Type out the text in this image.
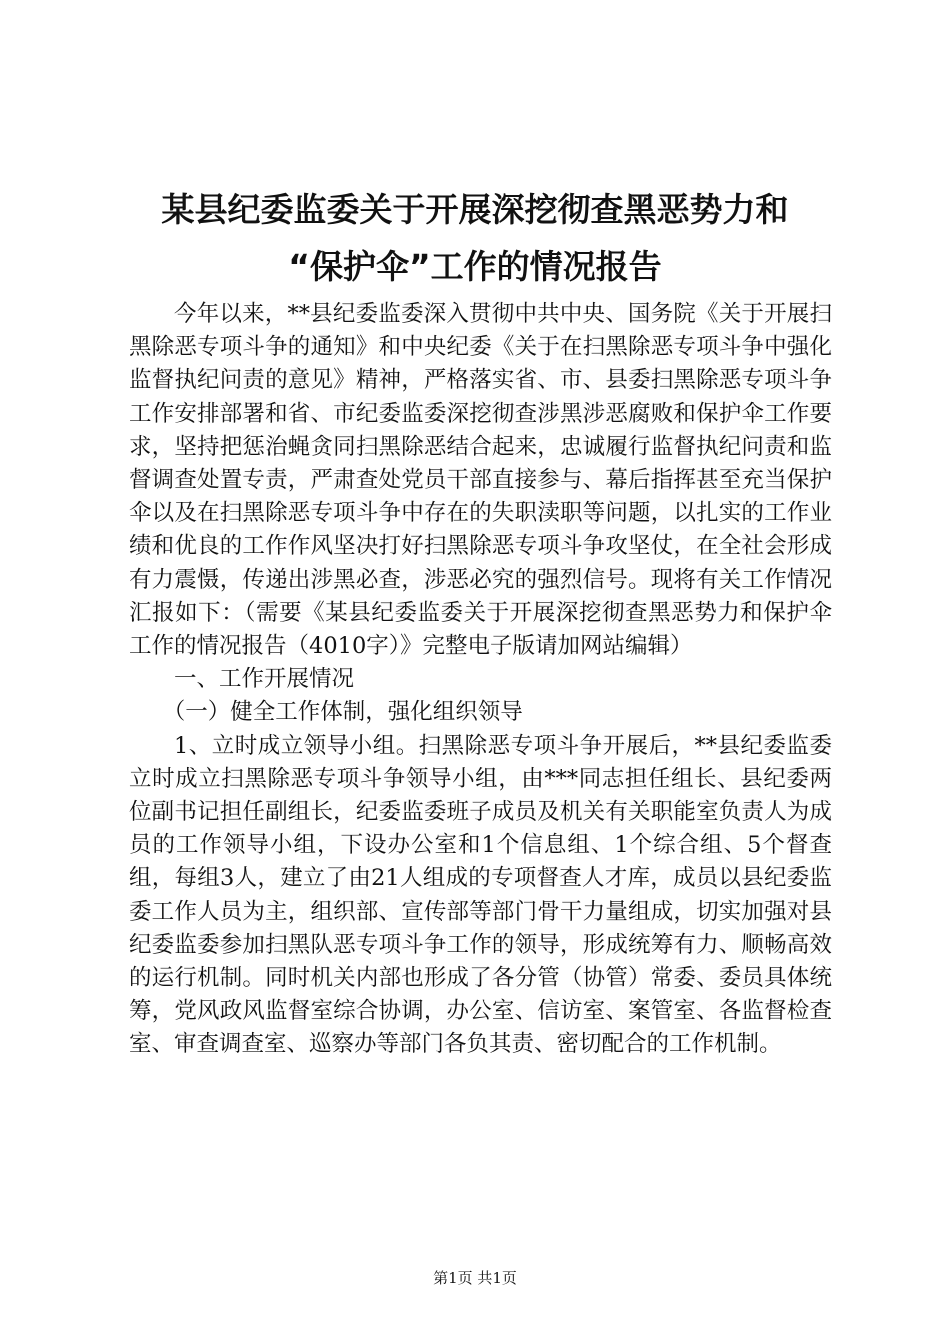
某县纪委监委关于开展深挖彻查黑恶势力和
“保护伞”工作的情况报告

今年以来，**县纪委监委深入贯彻中共中央、国务院《关于开展扫黑除恶专项斗争的通知》和中央纪委《关于在扫黑除恶专项斗争中强化监督执纪问责的意见》精神，严格落实省、市、县委扫黑除恶专项斗争工作安排部署和省、市纪委监委深挖彻查涉黑涉恶腐败和保护伞工作要求，坚持把惩治蝇贪同扫黑除恶结合起来，忠诚履行监督执纪问责和监督调查处置专责，严肃查处党员干部直接参与、幕后指挥甚至充当保护伞以及在扫黑除恶专项斗争中存在的失职渎职等问题，以扎实的工作业绩和优良的工作作风坚决打好扫黑除恶专项斗争攻坚仗，在全社会形成有力震慑，传递出涉黑必查，涉恶必究的强烈信号。现将有关工作情况汇报如下：（需要《某县纪委监委关于开展深挖彻查黑恶势力和保护伞工作的情况报告（4010字）》完整电子版请加网站编辑）

一、工作开展情况

（一）健全工作体制，强化组织领导

1、立时成立领导小组。扫黑除恶专项斗争开展后，**县纪委监委立时成立扫黑除恶专项斗争领导小组，由***同志担任组长、县纪委两位副书记担任副组长，纪委监委班子成员及机关有关职能室负责人为成员的工作领导小组，下设办公室和1个信息组、1个综合组、5个督查组，每组3人，建立了由21人组成的专项督查人才库，成员以县纪委监委工作人员为主，组织部、宣传部等部门骨干力量组成，切实加强对县纪委监委参加扫黑队恶专项斗争工作的领导，形成统筹有力、顺畅高效的运行机制。同时机关内部也形成了各分管（协管）常委、委员具体统筹，党风政风监督室综合协调，办公室、信访室、案管室、各监督检查室、审查调查室、巡察办等部门各负其责、密切配合的工作机制。

第1页 共1页
